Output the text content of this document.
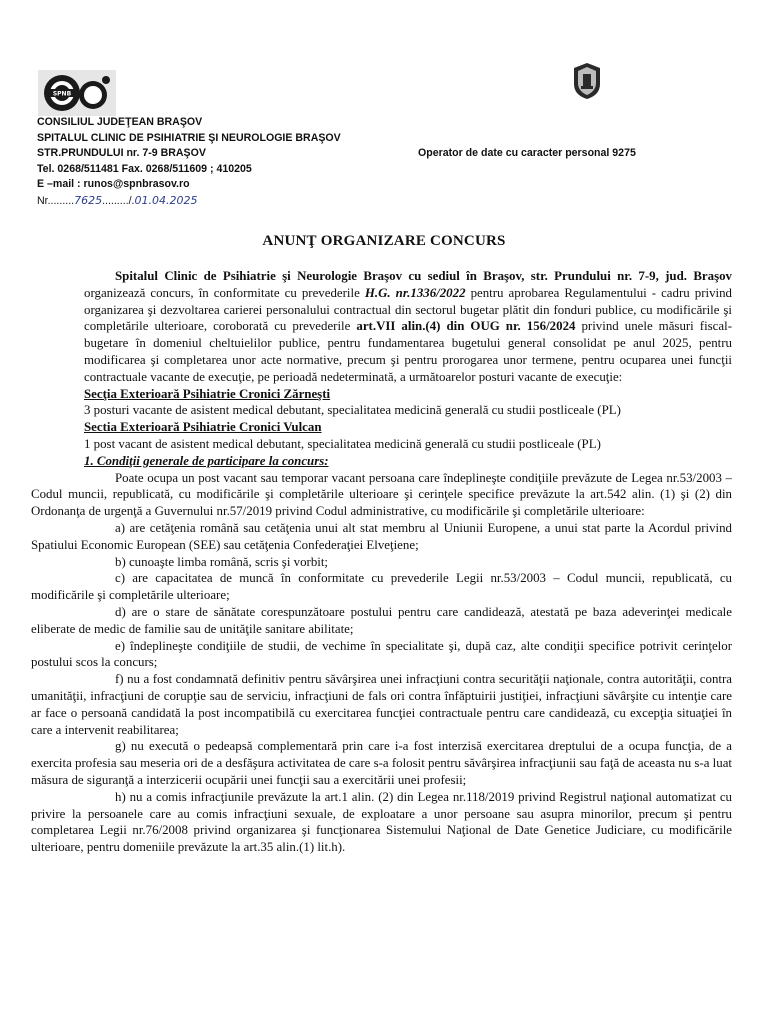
SPNB
CONSILIUL JUDEŢEAN BRAŞOV
SPITALUL CLINIC DE PSIHIATRIE ŞI NEUROLOGIE BRAŞOV
STR.PRUNDULUI nr. 7-9 BRAŞOV
Tel. 0268/511481 Fax. 0268/511609 ; 410205
E –mail : runos@spnbrasov.ro
Operator de date cu caracter personal 9275
Nr.........7625........./.01.04.2025
ANUNŢ ORGANIZARE CONCURS

Spitalul Clinic de Psihiatrie şi Neurologie Braşov cu sediul în Braşov, str. Prundului nr. 7-9, jud. Braşov organizează concurs, în conformitate cu prevederile H.G. nr.1336/2022 pentru aprobarea Regulamentului - cadru privind organizarea şi dezvoltarea carierei personalului contractual din sectorul bugetar plătit din fonduri publice, cu modificările şi completările ulterioare, coroborată cu prevederile art.VII alin.(4) din OUG nr. 156/2024 privind unele măsuri fiscal-bugetare în domeniul cheltuielilor publice, pentru fundamentarea bugetului general consolidat pe anul 2025, pentru modificarea şi completarea unor acte normative, precum şi pentru prorogarea unor termene, pentru ocuparea unei funcţii contractuale vacante de execuţie, pe perioadă nedeterminată, a următoarelor posturi vacante de execuţie:

Secţia Exterioară Psihiatrie Cronici Zărneşti

3 posturi vacante de asistent medical debutant, specialitatea medicină generală cu studii postliceale (PL)

Sectia Exterioară Psihiatrie Cronici Vulcan

1 post vacant de asistent medical debutant, specialitatea medicină generală cu studii postliceale (PL)

1. Condiţii generale de participare la concurs:

Poate ocupa un post vacant sau temporar vacant persoana care îndeplineşte condiţiile prevăzute de Legea nr.53/2003 – Codul muncii, republicată, cu modificările şi completările ulterioare şi cerinţele specifice prevăzute la art.542 alin. (1) şi (2) din Ordonanţa de urgenţă a Guvernului nr.57/2019 privind Codul administrative, cu modificările şi completările ulterioare:

a) are cetăţenia română sau cetăţenia unui alt stat membru al Uniunii Europene, a unui stat parte la Acordul privind Spatiului Economic European (SEE) sau cetăţenia Confederaţiei Elveţiene;

b) cunoaşte limba română, scris şi vorbit;

c) are capacitatea de muncă în conformitate cu prevederile Legii nr.53/2003 – Codul muncii, republicată, cu modificările şi completările ulterioare;

d) are o stare de sănătate corespunzătoare postului pentru care candidează, atestată pe baza adeverinţei medicale eliberate de medic de familie sau de unităţile sanitare abilitate;

e) îndeplineşte condiţiile de studii, de vechime în specialitate şi, după caz, alte condiţii specifice potrivit cerinţelor postului scos la concurs;

f) nu a fost condamnată definitiv pentru săvârşirea unei infracţiuni contra securităţii naţionale, contra autorităţii, contra umanităţii, infracţiuni de corupţie sau de serviciu, infracţiuni de fals ori contra înfăptuirii justiţiei, infracţiuni săvârşite cu intenţie care ar face o persoană candidată la post incompatibilă cu exercitarea funcţiei contractuale pentru care candidează, cu excepţia situaţiei în care a intervenit reabilitarea;

g) nu execută o pedeapsă complementară prin care i-a fost interzisă exercitarea dreptului de a ocupa funcţia, de a exercita profesia sau meseria ori de a desfăşura activitatea de care s-a folosit pentru săvârşirea infracţiunii sau faţă de aceasta nu s-a luat măsura de siguranţă a interzicerii ocupării unei funcţii sau a exercitării unei profesii;

h) nu a comis infracţiunile prevăzute la art.1 alin. (2) din Legea nr.118/2019 privind Registrul naţional automatizat cu privire la persoanele care au comis infracţiuni sexuale, de exploatare a unor persoane sau asupra minorilor, precum şi pentru completarea Legii nr.76/2008 privind organizarea şi funcţionarea Sistemului Naţional de Date Genetice Judiciare, cu modificările ulterioare, pentru domeniile prevăzute la art.35 alin.(1) lit.h).
